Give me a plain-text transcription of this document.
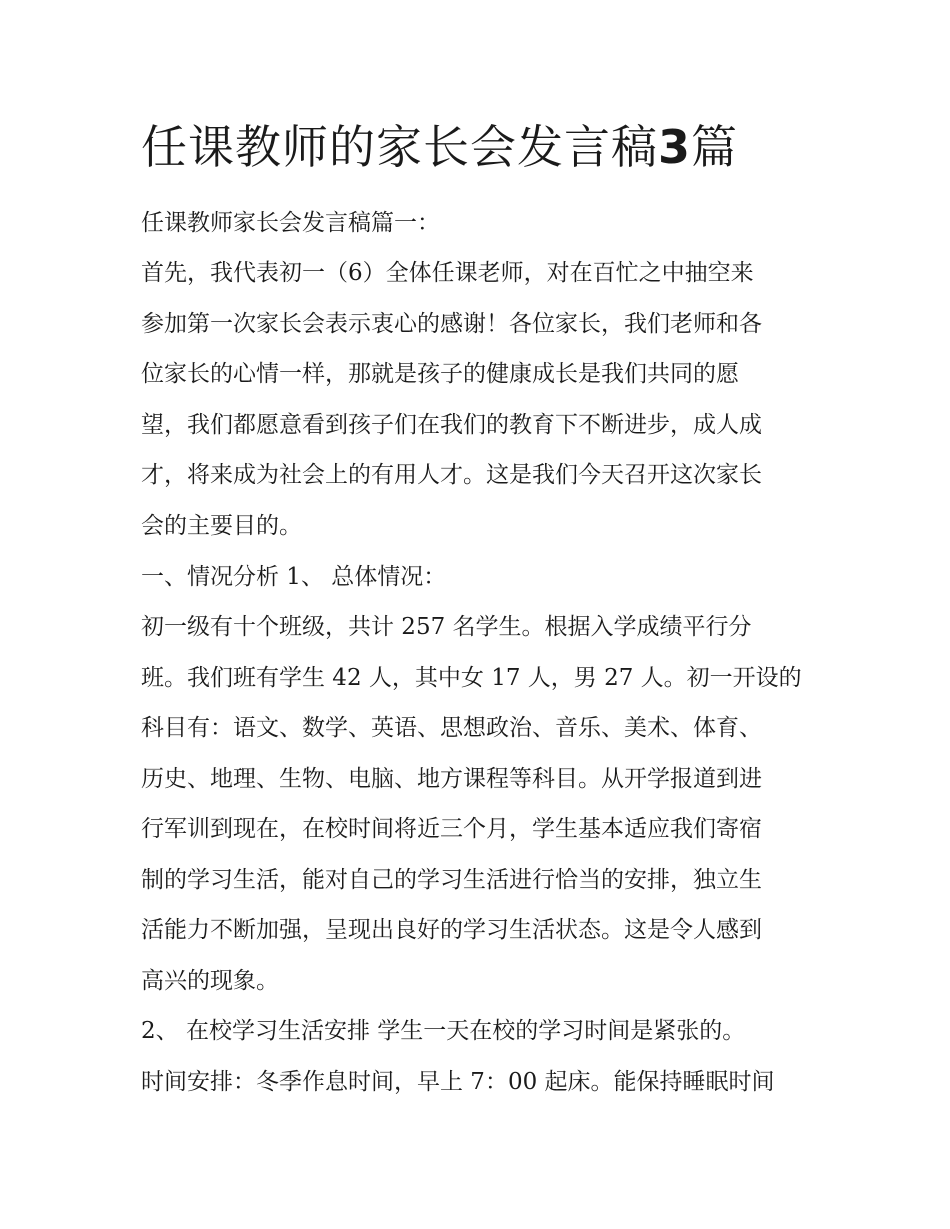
任课教师的家长会发言稿3篇

任课教师家长会发言稿篇一：

首先，我代表初一（6）全体任课老师，对在百忙之中抽空来

参加第一次家长会表示衷心的感谢！各位家长，我们老师和各

位家长的心情一样，那就是孩子的健康成长是我们共同的愿

望，我们都愿意看到孩子们在我们的教育下不断进步，成人成

才，将来成为社会上的有用人才。这是我们今天召开这次家长

会的主要目的。

一、情况分析 1、 总体情况：

初一级有十个班级，共计 257 名学生。根据入学成绩平行分

班。我们班有学生 42 人，其中女 17 人，男 27 人。初一开设的

科目有：语文、数学、英语、思想政治、音乐、美术、体育、

历史、地理、生物、电脑、地方课程等科目。从开学报道到进

行军训到现在，在校时间将近三个月，学生基本适应我们寄宿

制的学习生活，能对自己的学习生活进行恰当的安排，独立生

活能力不断加强，呈现出良好的学习生活状态。这是令人感到

高兴的现象。

2、 在校学习生活安排 学生一天在校的学习时间是紧张的。

时间安排：冬季作息时间，早上 7：00 起床。能保持睡眠时间
